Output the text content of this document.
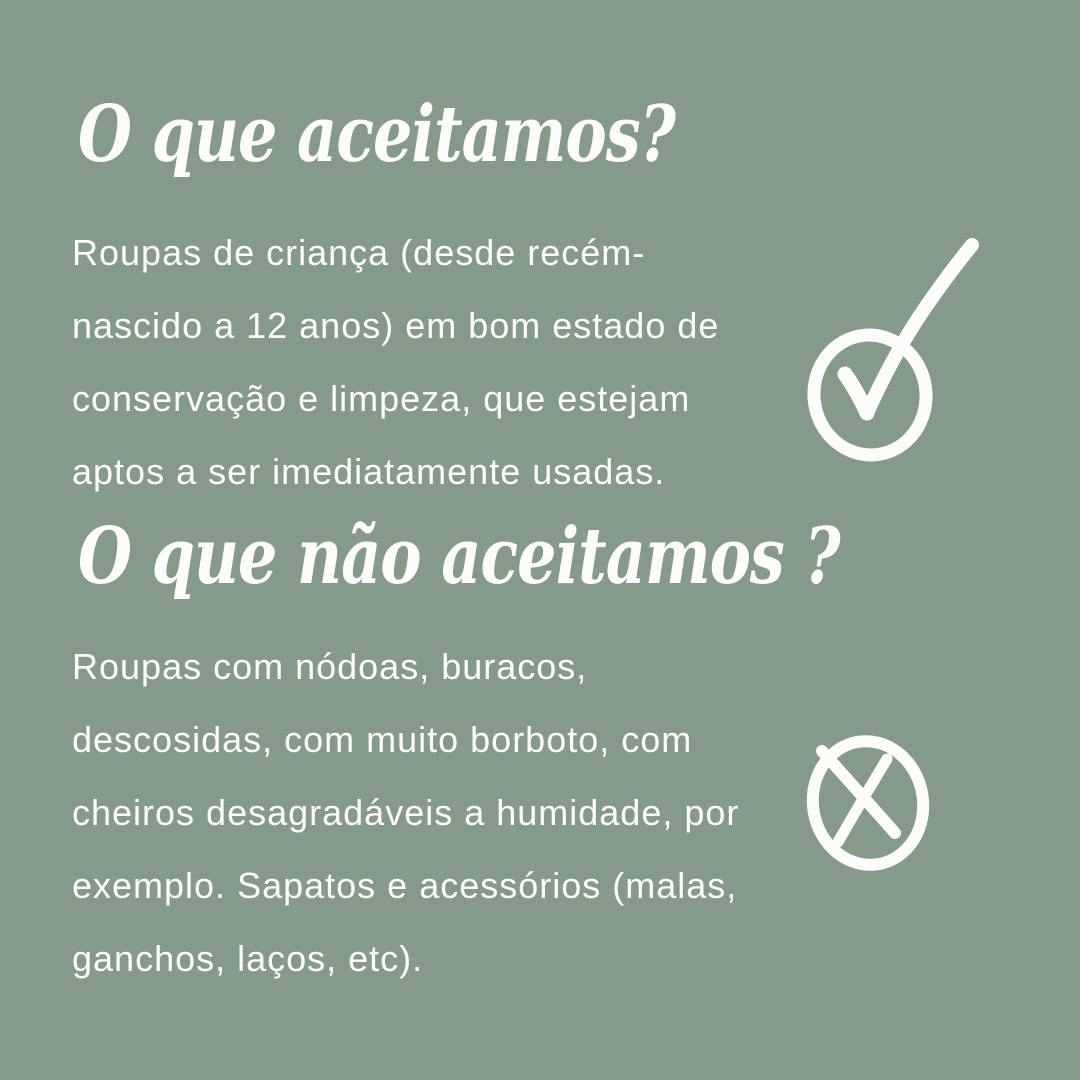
O que aceitamos?
Roupas de criança (desde recém-
nascido a 12 anos) em bom estado de
conservação e limpeza, que estejam
aptos a ser imediatamente usadas.
O que não aceitamos ?
Roupas com nódoas, buracos,
descosidas, com muito borboto, com
cheiros desagradáveis a humidade, por
exemplo. Sapatos e acessórios (malas,
ganchos, laços, etc).
